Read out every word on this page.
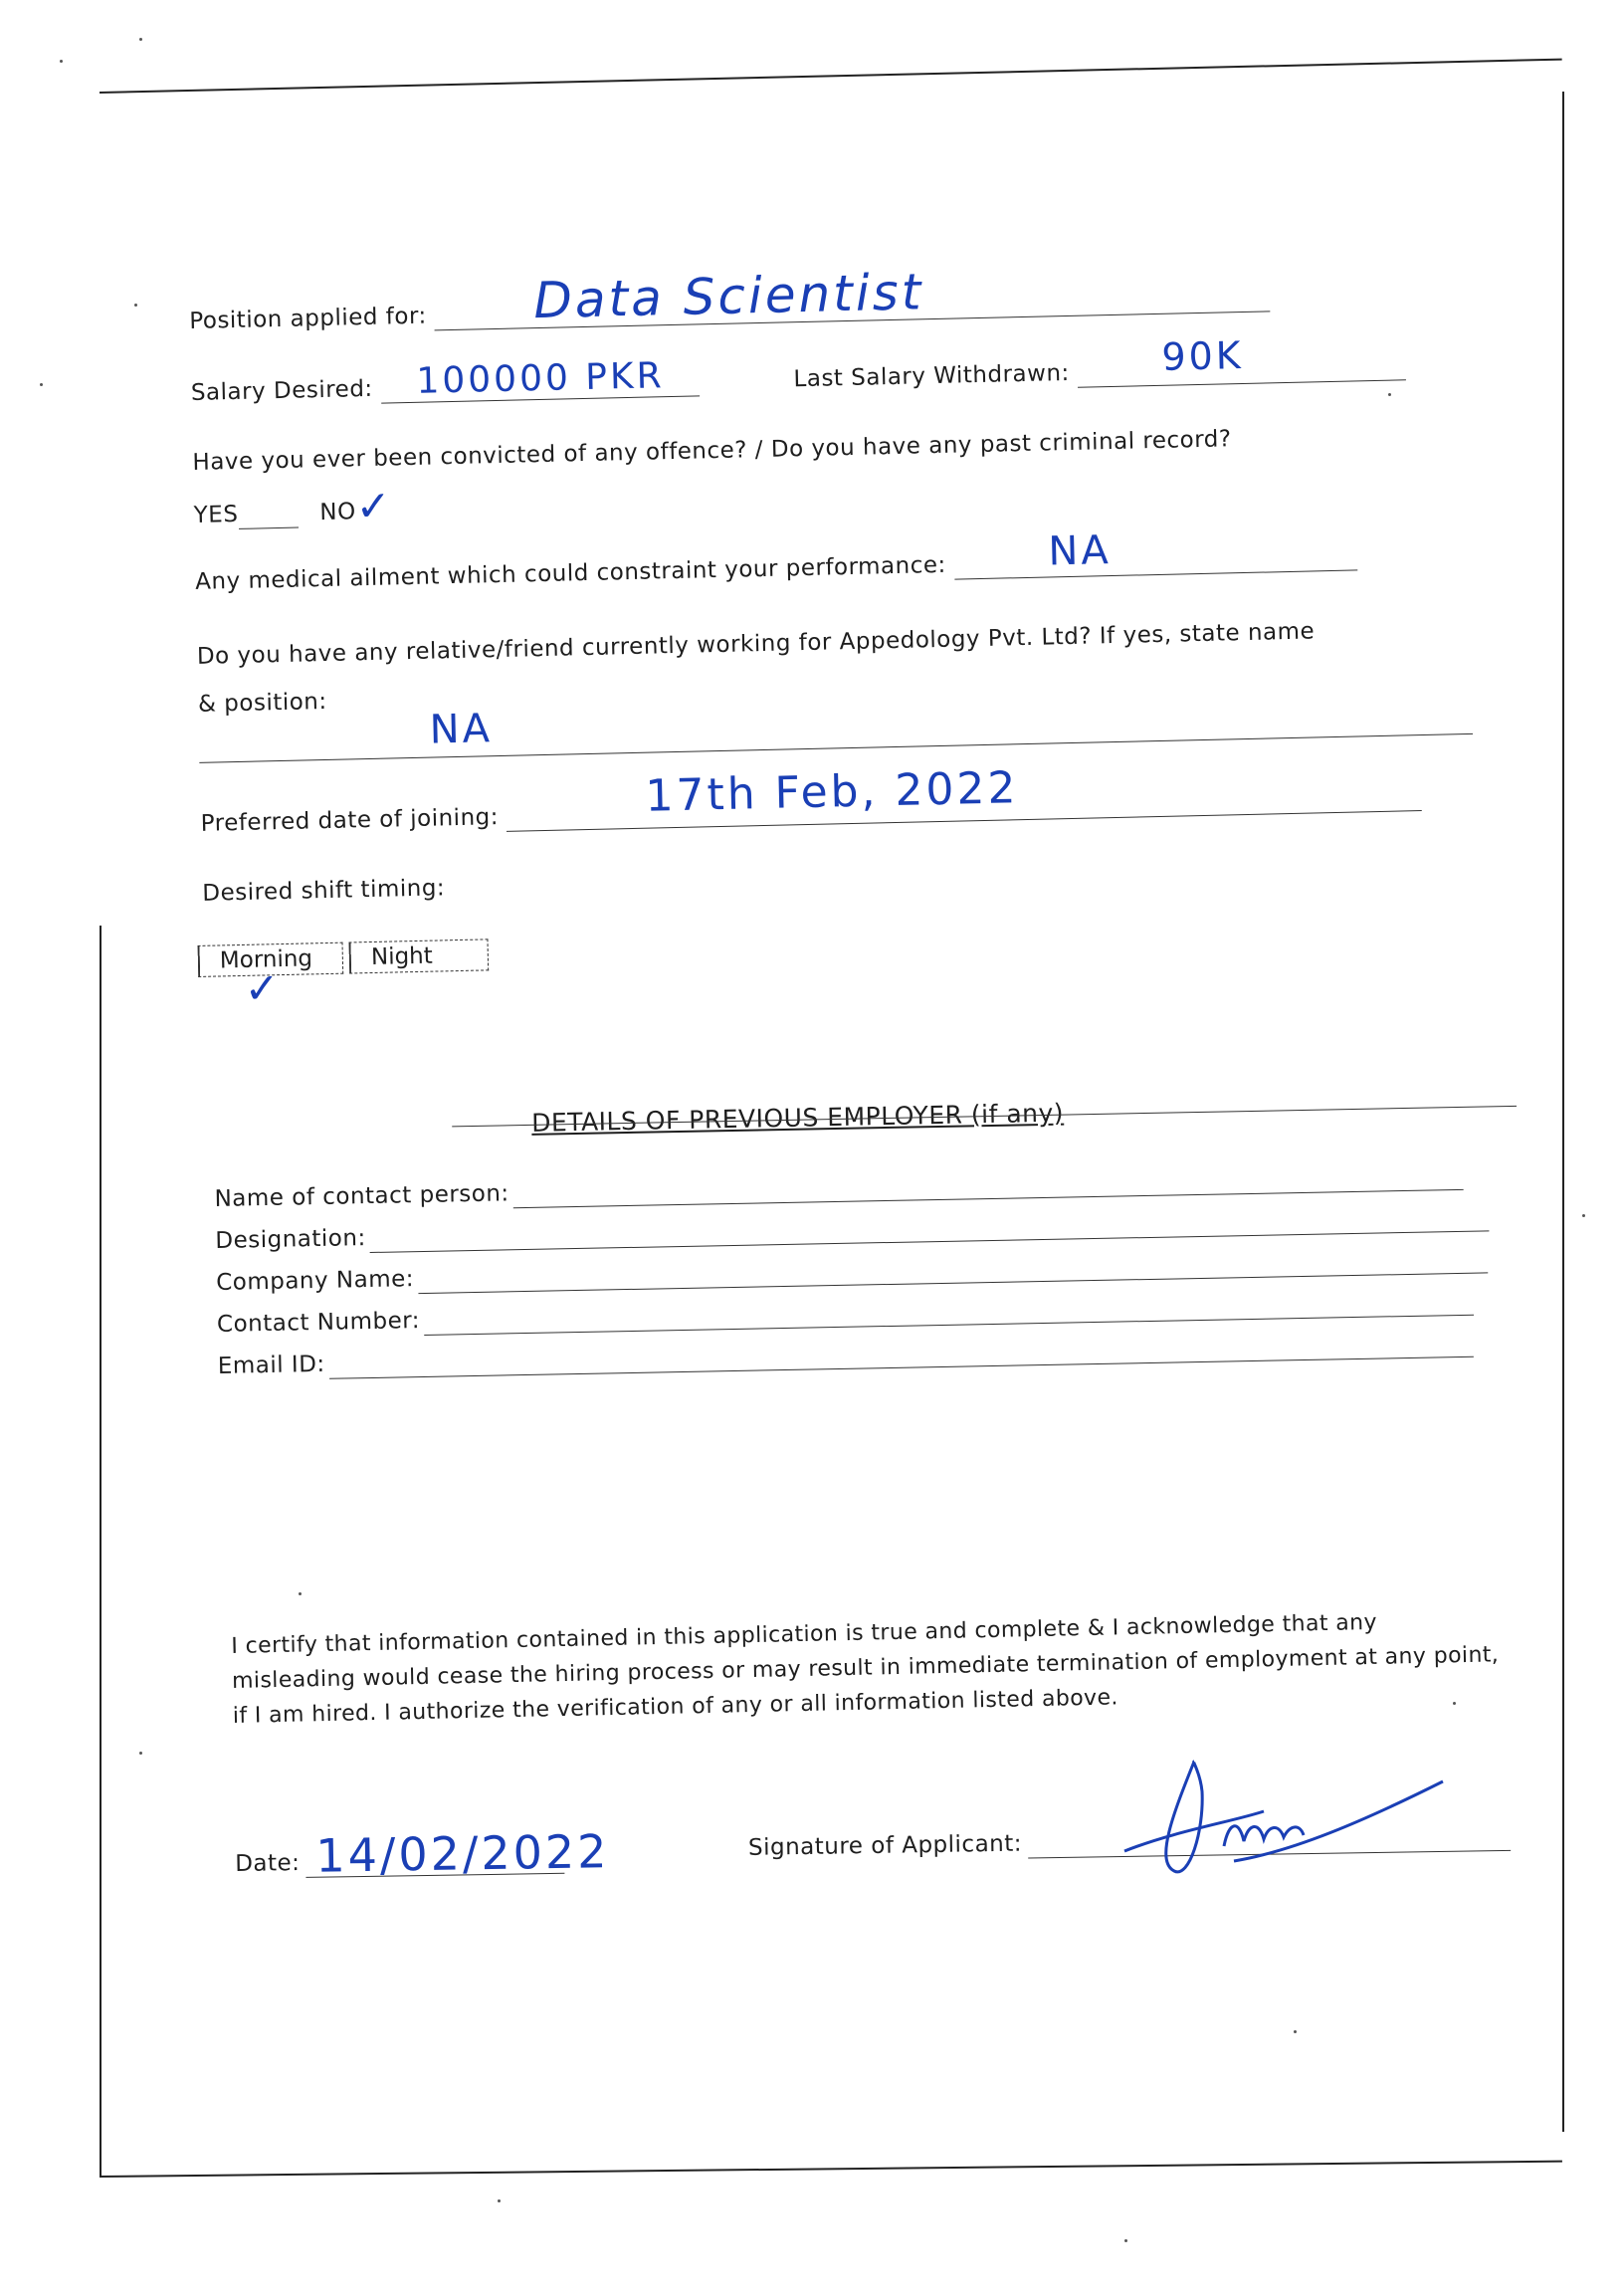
Position applied for: Data Scientist
Salary Desired: 100000 PKR	Last Salary Withdrawn: 90K
Have you ever been convicted of any offence? / Do you have any past criminal record?
YES	NO ✓
Any medical ailment which could constraint your performance:	NA
Do you have any relative/friend currently working for Appedology Pvt. Ltd? If yes, state name
& position:
NA
Preferred date of joining:	17th Feb, 2022
Desired shift timing:
Morning	Night
✓
DETAILS OF PREVIOUS EMPLOYER (if any)
Name of contact person:
Designation:
Company Name:
Contact Number:
Email ID:
I certify that information contained in this application is true and complete & I acknowledge that any misleading would cease the hiring process or may result in immediate termination of employment at any point, if I am hired. I authorize the verification of any or all information listed above.
Date: 14/02/2022	Signature of Applicant:
